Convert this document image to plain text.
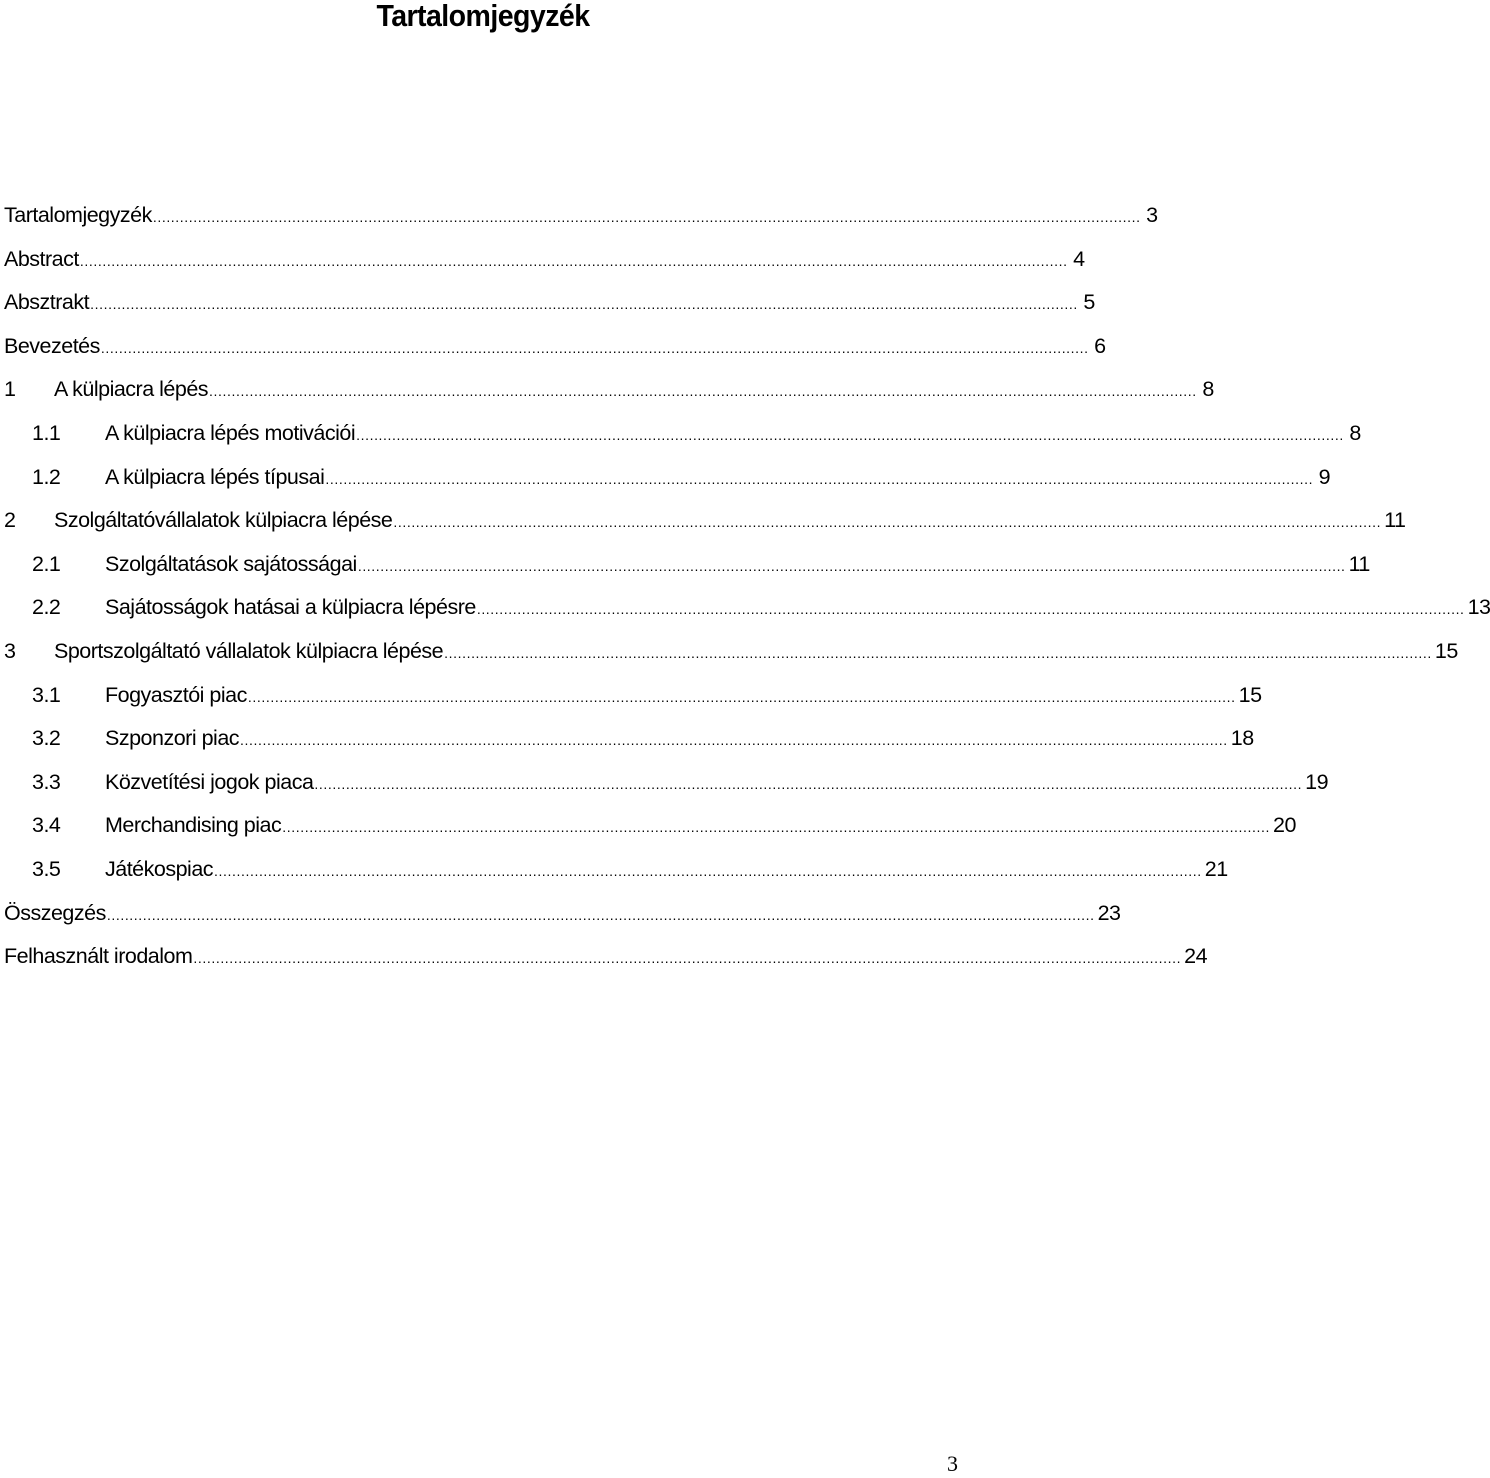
Tartalomjegyzék
Tartalomjegyzék ............................................................................................................................................................................................................................ 3
Abstract ............................................................................................................................................................................................................................ 4
Absztrakt ............................................................................................................................................................................................................................ 5
Bevezetés ............................................................................................................................................................................................................................ 6
1	A külpiacra lépés ............................................................................................................................................................................................................................ 8
1.1	A külpiacra lépés motivációi ............................................................................................................................................................................................................................ 8
1.2	A külpiacra lépés típusai ............................................................................................................................................................................................................................ 9
2	Szolgáltatóvállalatok külpiacra lépése ............................................................................................................................................................................................................................ 11
2.1	Szolgáltatások sajátosságai ............................................................................................................................................................................................................................ 11
2.2	Sajátosságok hatásai a külpiacra lépésre ............................................................................................................................................................................................................................ 13
3	Sportszolgáltató vállalatok külpiacra lépése ............................................................................................................................................................................................................................ 15
3.1	Fogyasztói piac ............................................................................................................................................................................................................................ 15
3.2	Szponzori piac ............................................................................................................................................................................................................................ 18
3.3	Közvetítési jogok piaca ............................................................................................................................................................................................................................ 19
3.4	Merchandising piac ............................................................................................................................................................................................................................ 20
3.5	Játékospiac ............................................................................................................................................................................................................................ 21
Összegzés ............................................................................................................................................................................................................................ 23
Felhasznált irodalom ............................................................................................................................................................................................................................ 24
3
